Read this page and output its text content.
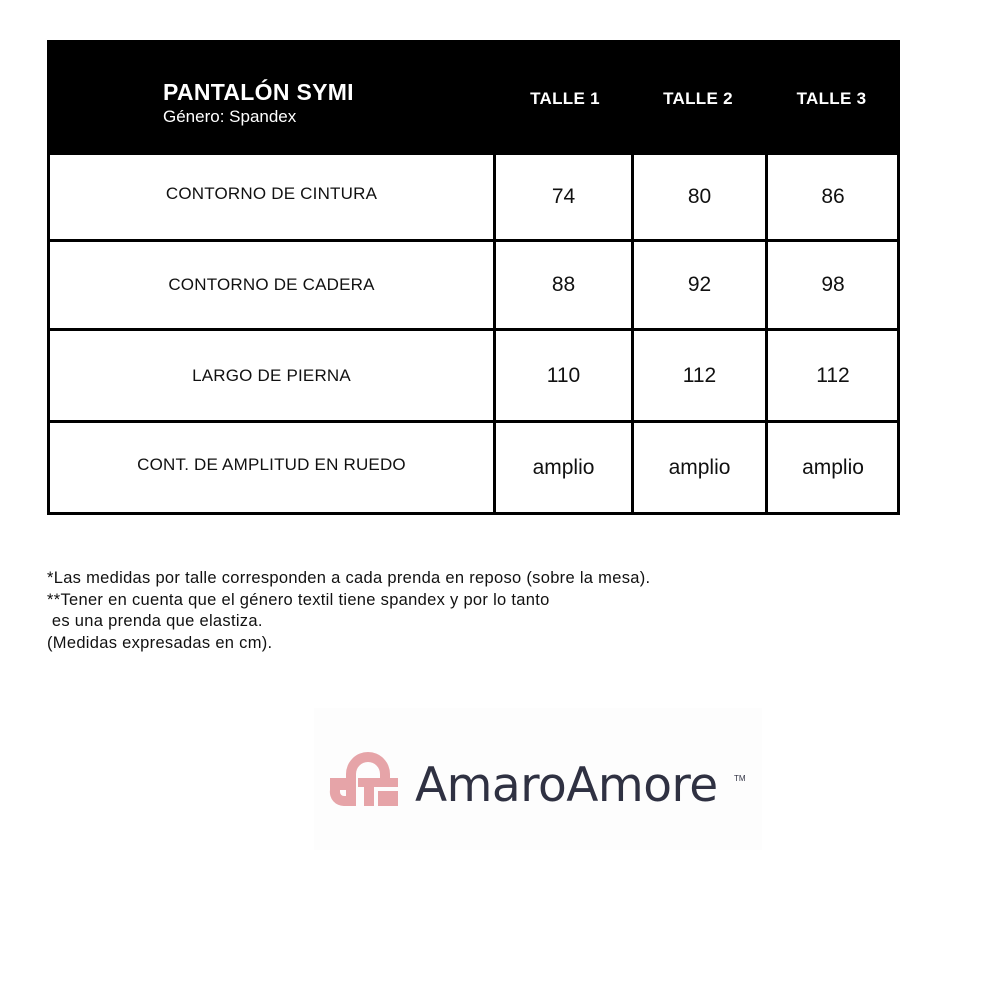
PANTALÓN SYMI
Género: Spandex
TALLE 1	TALLE 2	TALLE 3
CONTORNO DE CINTURA	74	80	86
CONTORNO DE CADERA	88	92	98
LARGO DE PIERNA	110	112	112
CONT. DE AMPLITUD EN RUEDO	amplio	amplio	amplio
*Las medidas por talle corresponden a cada prenda en reposo (sobre la mesa).
**Tener en cuenta que el género textil tiene spandex y por lo tanto
es una prenda que elastiza.
(Medidas expresadas en cm).
AmaroAmore TM
